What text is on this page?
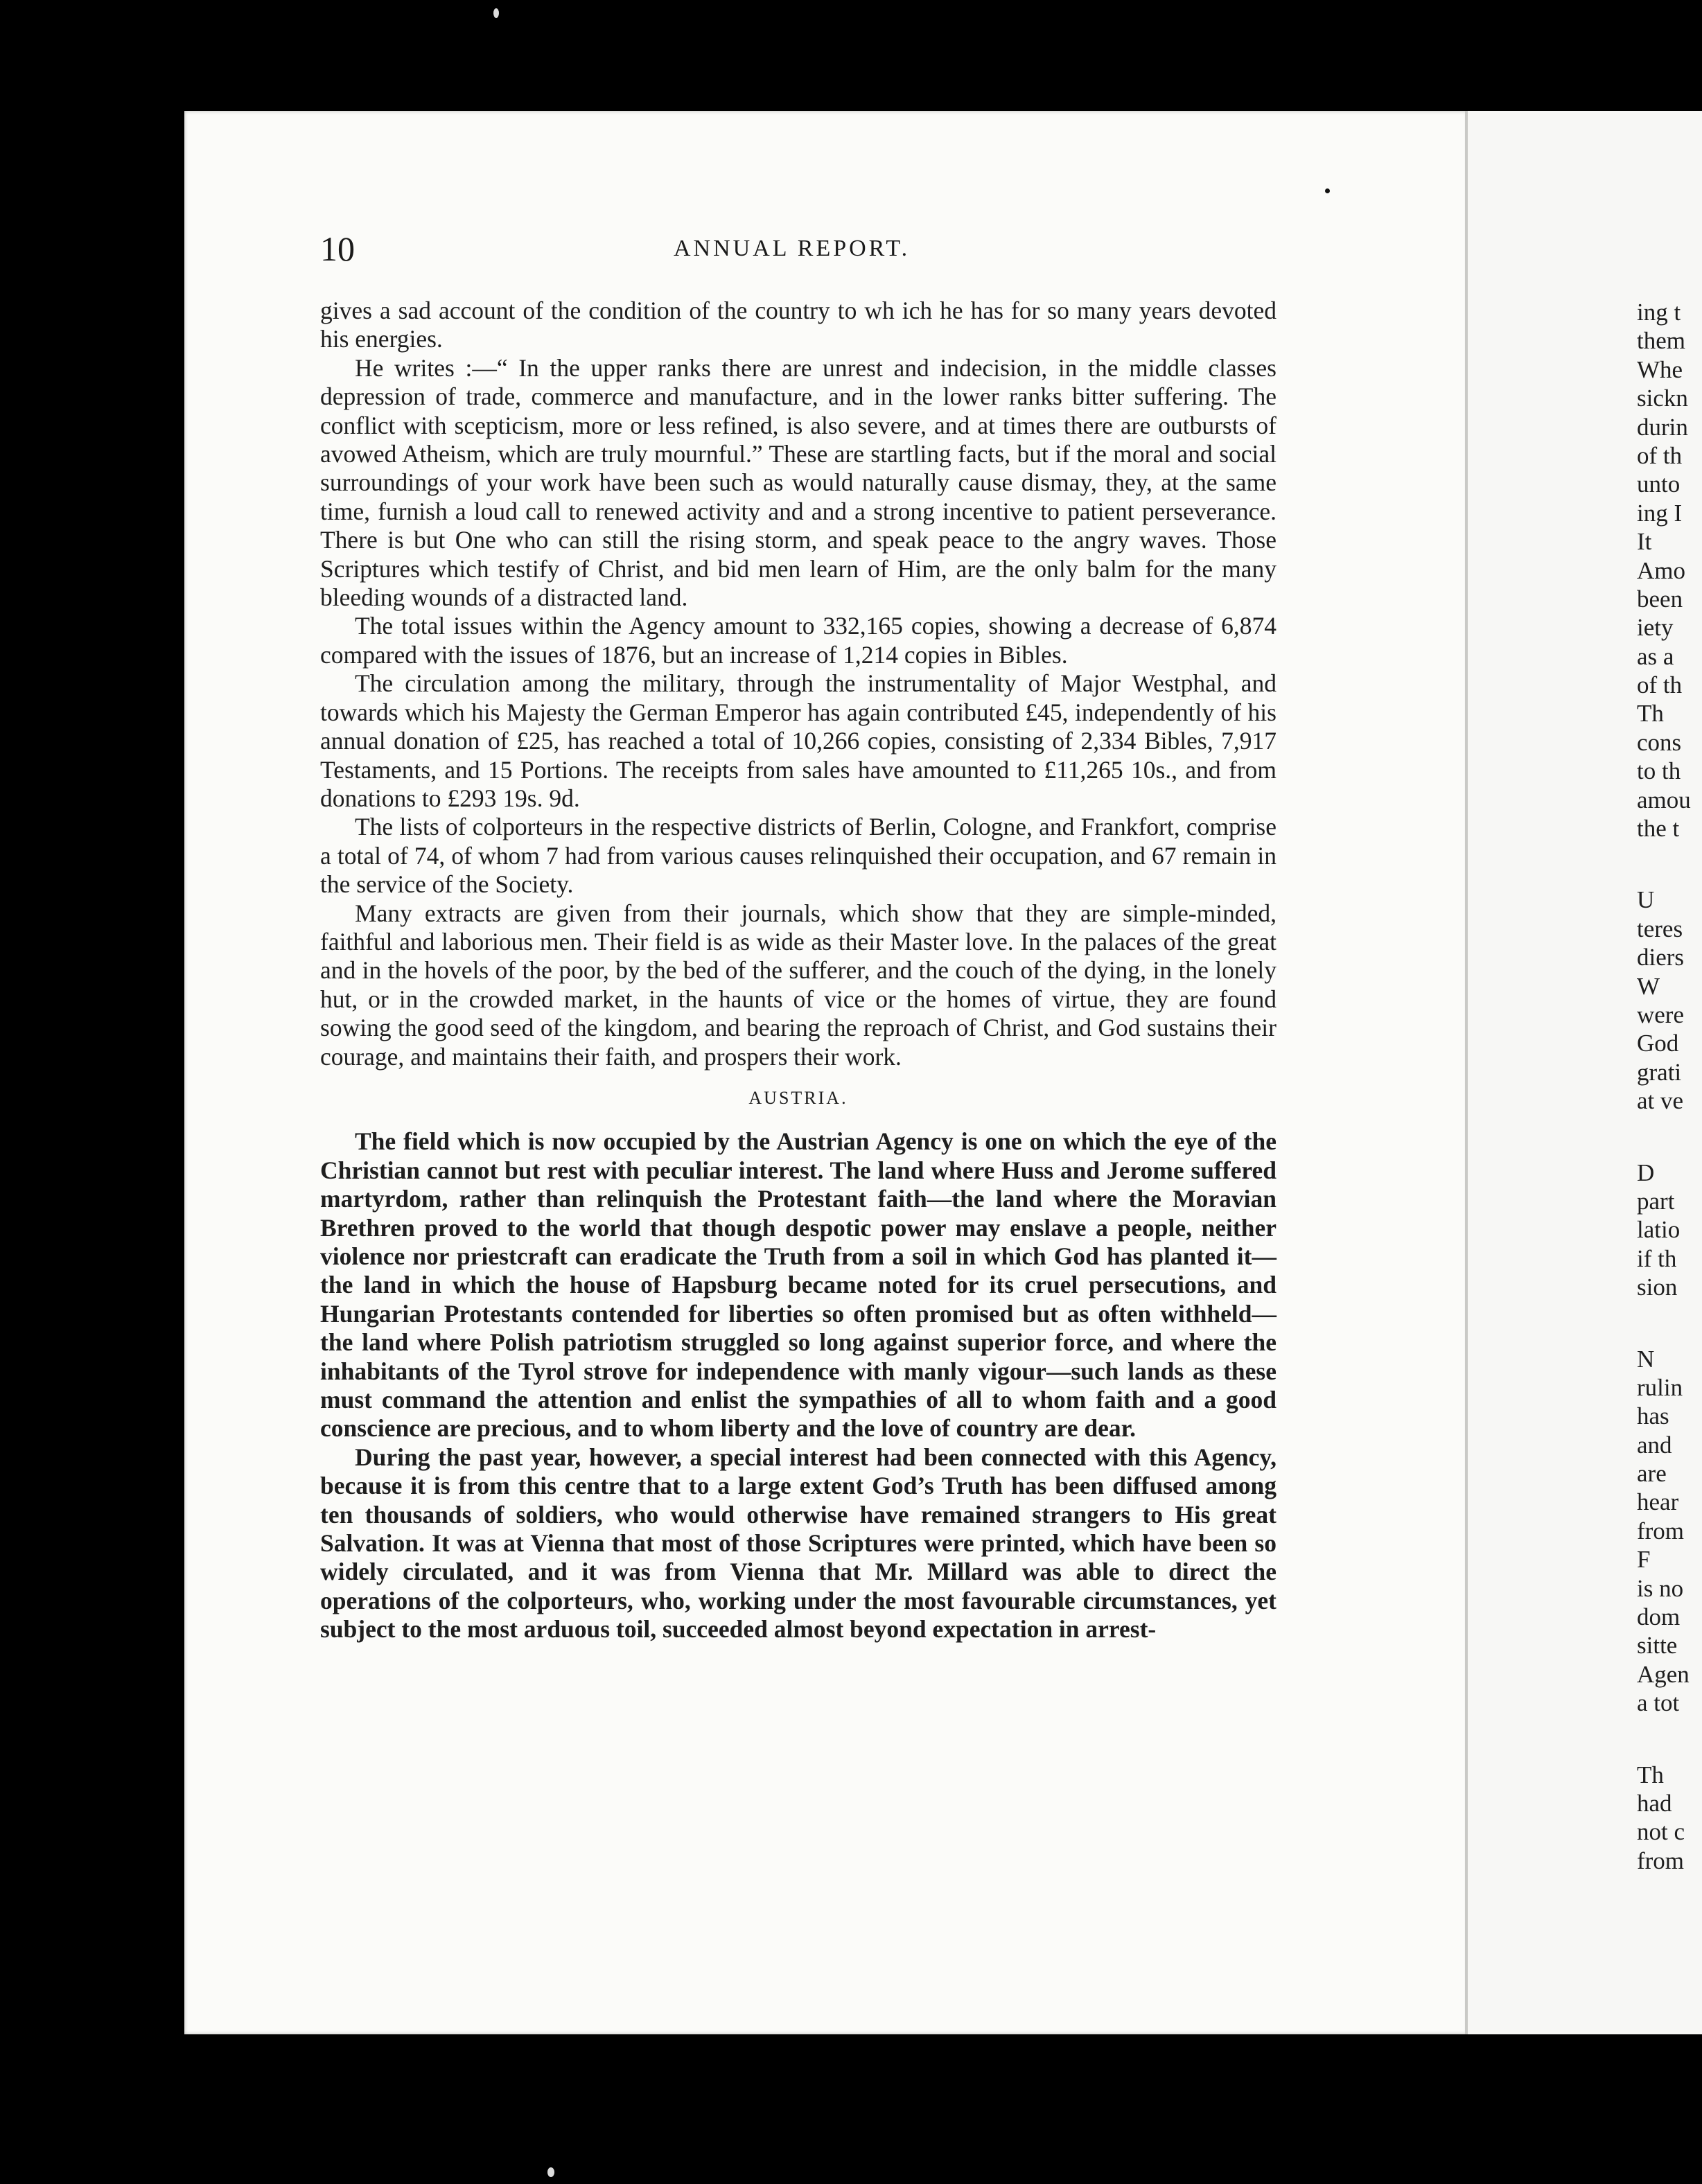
10	ANNUAL REPORT.

gives a sad account of the condition of the country to wh ich he has for so many years devoted his energies.

He writes :—“ In the upper ranks there are unrest and indecision, in the middle classes depression of trade, commerce and manufacture, and in the lower ranks bitter suffering. The conflict with scepticism, more or less refined, is also severe, and at times there are outbursts of avowed Atheism, which are truly mournful.” These are startling facts, but if the moral and social surroundings of your work have been such as would naturally cause dismay, they, at the same time, furnish a loud call to renewed activity and and a strong incentive to patient perseverance. There is but One who can still the rising storm, and speak peace to the angry waves. Those Scriptures which testify of Christ, and bid men learn of Him, are the only balm for the many bleeding wounds of a distracted land.

The total issues within the Agency amount to 332,165 copies, showing a decrease of 6,874 compared with the issues of 1876, but an increase of 1,214 copies in Bibles.

The circulation among the military, through the instrumentality of Major Westphal, and towards which his Majesty the German Emperor has again contributed £45, independently of his annual donation of £25, has reached a total of 10,266 copies, consisting of 2,334 Bibles, 7,917 Testaments, and 15 Portions. The receipts from sales have amounted to £11,265 10s., and from donations to £293 19s. 9d.

The lists of colporteurs in the respective districts of Berlin, Cologne, and Frankfort, comprise a total of 74, of whom 7 had from various causes relinquished their occupation, and 67 remain in the service of the Society.

Many extracts are given from their journals, which show that they are simple-minded, faithful and laborious men. Their field is as wide as their Master love. In the palaces of the great and in the hovels of the poor, by the bed of the sufferer, and the couch of the dying, in the lonely hut, or in the crowded market, in the haunts of vice or the homes of virtue, they are found sowing the good seed of the kingdom, and bearing the reproach of Christ, and God sustains their courage, and maintains their faith, and prospers their work.

AUSTRIA.

The field which is now occupied by the Austrian Agency is one on which the eye of the Christian cannot but rest with peculiar interest. The land where Huss and Jerome suffered martyrdom, rather than relinquish the Protestant faith—the land where the Moravian Brethren proved to the world that though despotic power may enslave a people, neither violence nor priestcraft can eradicate the Truth from a soil in which God has planted it—the land in which the house of Hapsburg became noted for its cruel persecutions, and Hungarian Protestants contended for liberties so often promised but as often withheld—the land where Polish patriotism struggled so long against superior force, and where the inhabitants of the Tyrol strove for independence with manly vigour—such lands as these must command the attention and enlist the sympathies of all to whom faith and a good conscience are precious, and to whom liberty and the love of country are dear.

During the past year, however, a special interest had been connected with this Agency, because it is from this centre that to a large extent God’s Truth has been diffused among ten thousands of soldiers, who would otherwise have remained strangers to His great Salvation. It was at Vienna that most of those Scriptures were printed, which have been so widely circulated, and it was from Vienna that Mr. Millard was able to direct the operations of the colporteurs, who, working under the most favourable circumstances, yet subject to the most arduous toil, succeeded almost beyond expectation in arrest-

ing t
them
Whe
sickn
durin
of th
unto
ing I
It
Amo
been
iety
as a
of th
Th
cons
to th
amou
the t
U
teres
diers
W
were
God
grati
at ve
D
part
latio
if th
sion
N
rulin
has
and
are
hear
from
F
is no
dom
sitte
Agen
a tot
Th
had
not c
from
